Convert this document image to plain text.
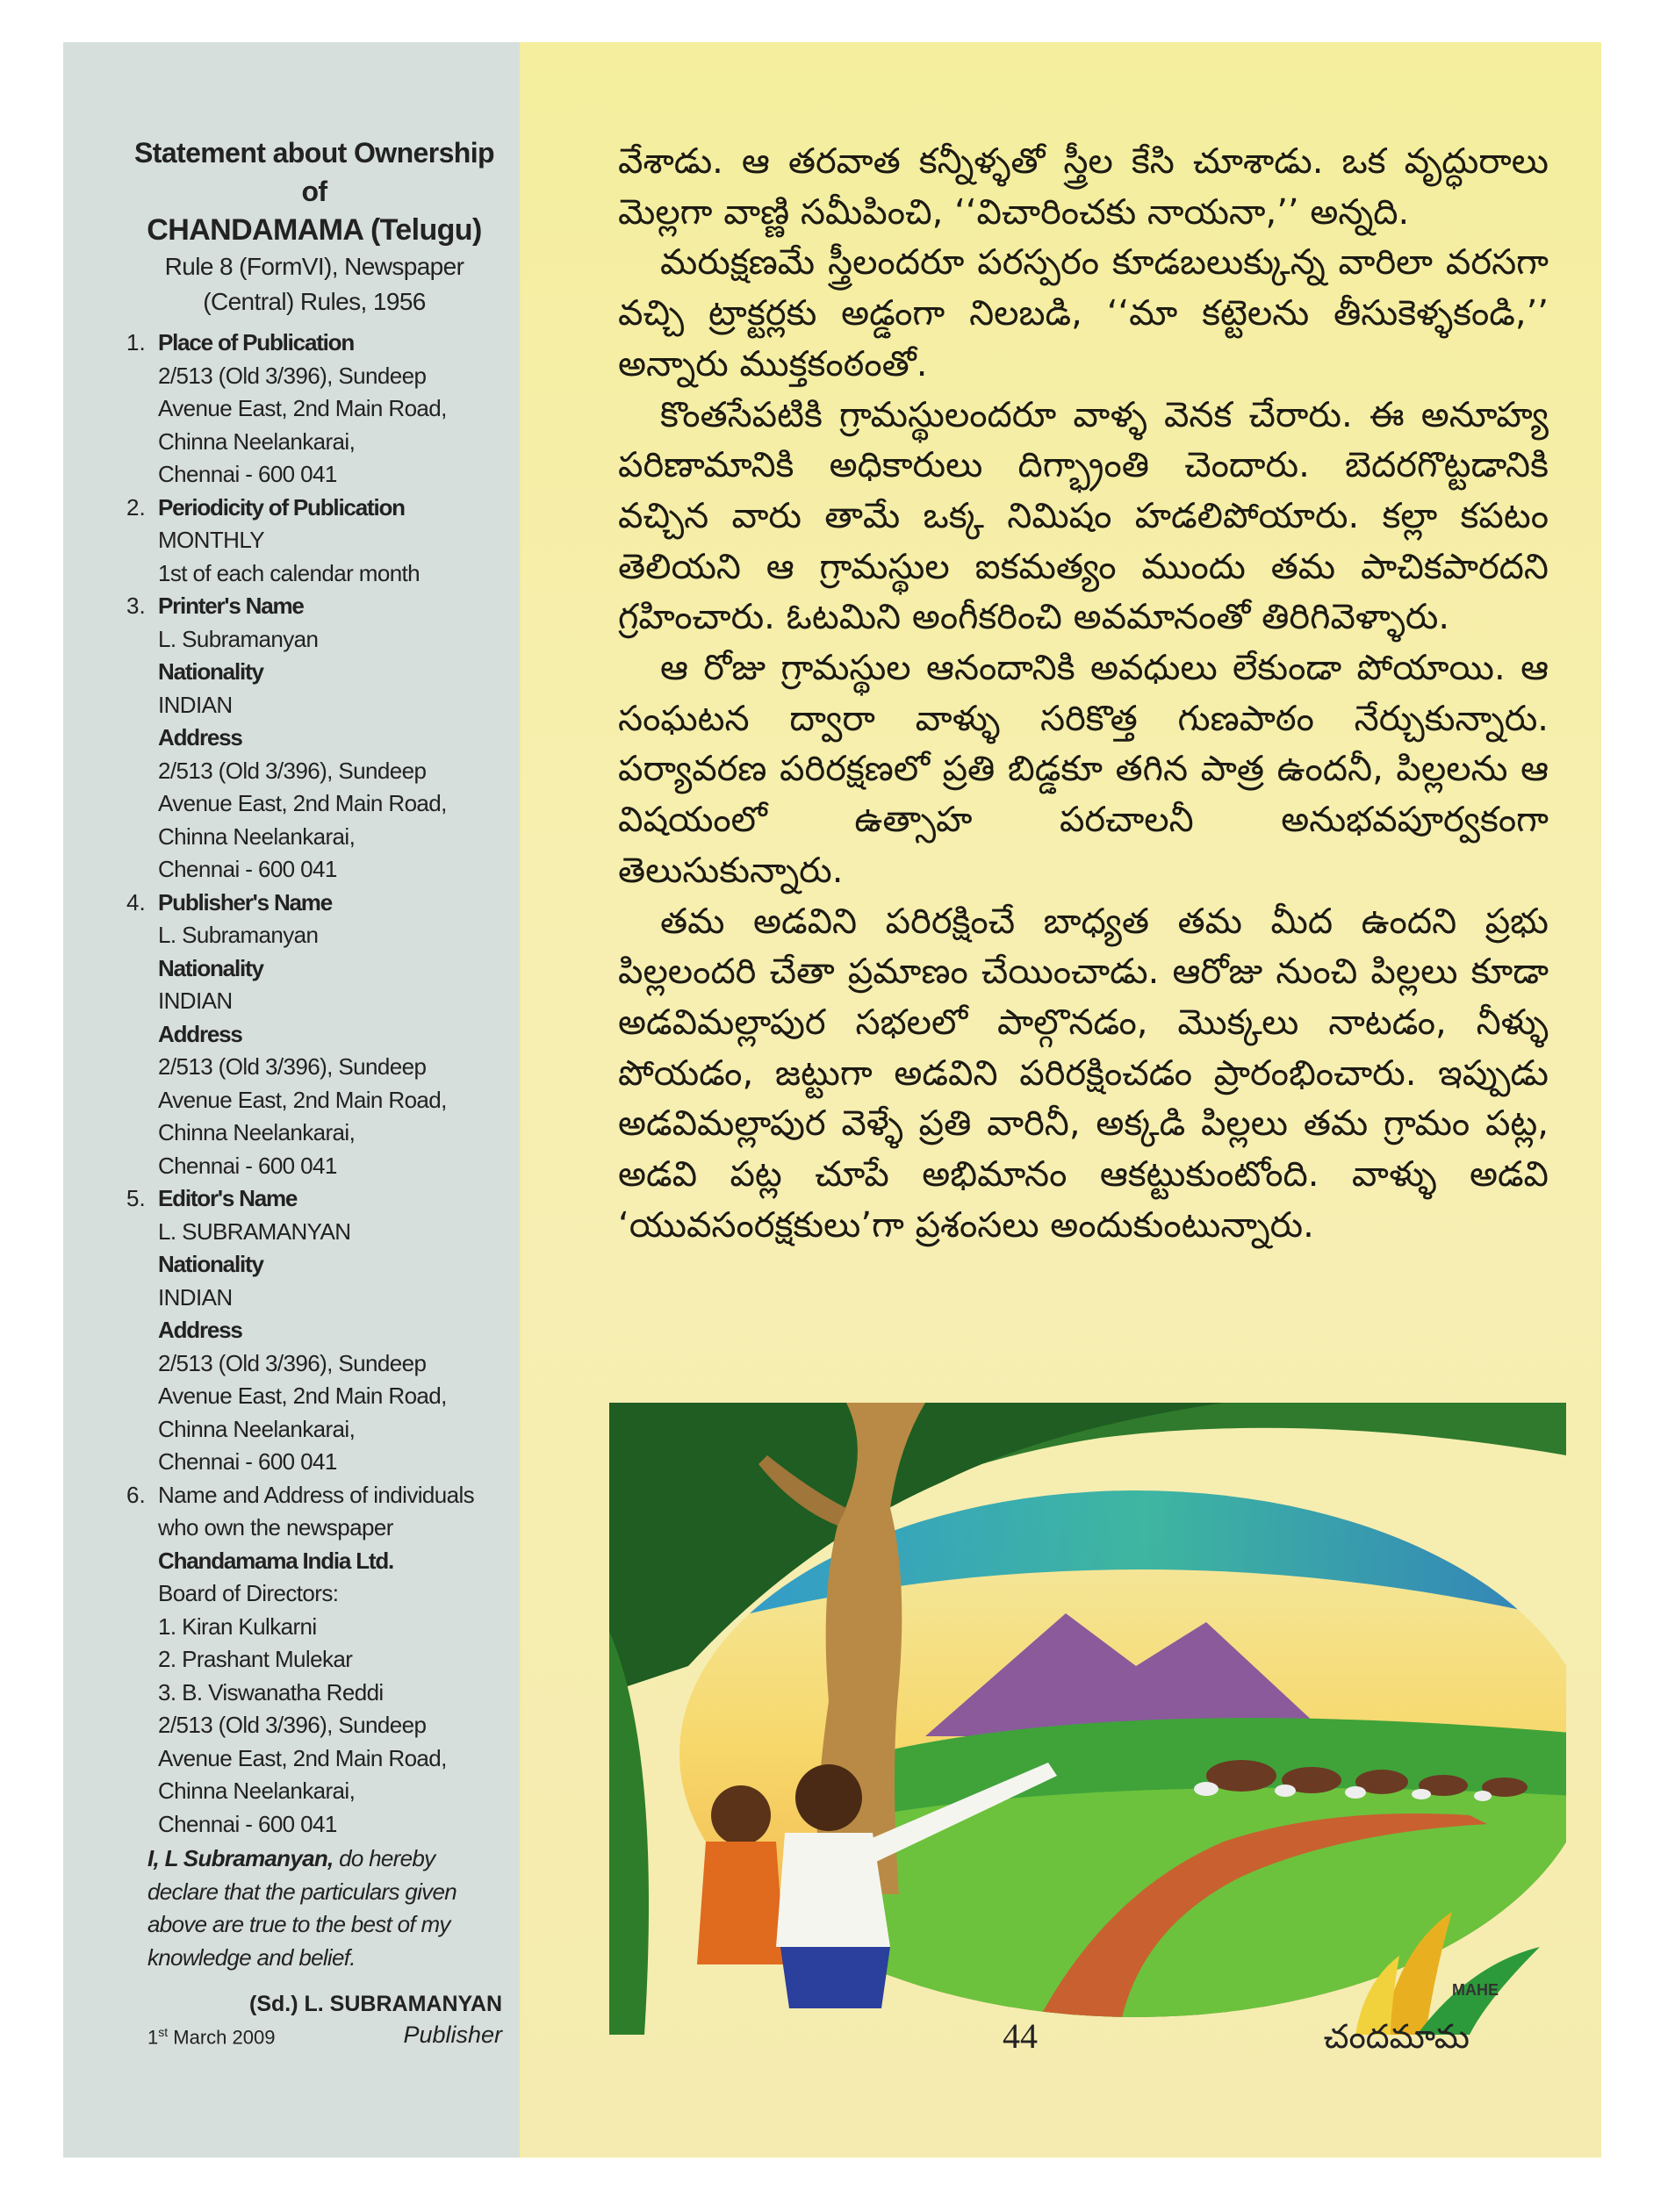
Statement about Ownership of
CHANDAMAMA (Telugu)
Rule 8 (FormVI), Newspaper
(Central) Rules, 1956
1. Place of Publication
2/513 (Old 3/396), Sundeep
Avenue East, 2nd Main Road,
Chinna Neelankarai,
Chennai - 600 041
2. Periodicity of Publication
MONTHLY
1st of each calendar month
3. Printer's Name
L. Subramanyan
Nationality
INDIAN
Address
2/513 (Old 3/396), Sundeep
Avenue East, 2nd Main Road,
Chinna Neelankarai,
Chennai - 600 041
4. Publisher's Name
L. Subramanyan
Nationality
INDIAN
Address
2/513 (Old 3/396), Sundeep
Avenue East, 2nd Main Road,
Chinna Neelankarai,
Chennai - 600 041
5. Editor's Name
L. SUBRAMANYAN
Nationality
INDIAN
Address
2/513 (Old 3/396), Sundeep
Avenue East, 2nd Main Road,
Chinna Neelankarai,
Chennai - 600 041
6. Name and Address of individuals
who own the newspaper
Chandamama India Ltd.
Board of Directors:
1. Kiran Kulkarni
2. Prashant Mulekar
3. B. Viswanatha Reddi
2/513 (Old 3/396), Sundeep
Avenue East, 2nd Main Road,
Chinna Neelankarai,
Chennai - 600 041
I, L Subramanyan, do hereby declare that the particulars given above are true to the best of my knowledge and belief.
(Sd.) L. SUBRAMANYAN
1st March 2009	Publisher

వేశాడు. ఆ తరవాత కన్నీళ్ళతో స్త్రీల కేసి చూశాడు. ఒక వృద్ధురాలు మెల్లగా వాణ్ణి సమీపించి, ‘‘విచారించకు నాయనా,’’ అన్నది.

మరుక్షణమే స్త్రీలందరూ పరస్పరం కూడబలుక్కున్న వారిలా వరసగా వచ్చి ట్రాక్టర్లకు అడ్డంగా నిలబడి, ‘‘మా కట్టెలను తీసుకెళ్ళకండి,’’ అన్నారు ముక్తకంఠంతో.

కొంతసేపటికి గ్రామస్థులందరూ వాళ్ళ వెనక చేరారు. ఈ అనూహ్య పరిణామానికి అధికారులు దిగ్భ్రాంతి చెందారు. బెదరగొట్టడానికి వచ్చిన వారు తామే ఒక్క నిమిషం హడలిపోయారు. కల్లా కపటం తెలియని ఆ గ్రామస్థుల ఐకమత్యం ముందు తమ పాచికపారదని గ్రహించారు. ఓటమిని అంగీకరించి అవమానంతో తిరిగివెళ్ళారు.

ఆ రోజు గ్రామస్థుల ఆనందానికి అవధులు లేకుండా పోయాయి. ఆ సంఘటన ద్వారా వాళ్ళు సరికొత్త గుణపాఠం నేర్చుకున్నారు. పర్యావరణ పరిరక్షణలో ప్రతి బిడ్డకూ తగిన పాత్ర ఉందనీ, పిల్లలను ఆ విషయంలో ఉత్సాహ పరచాలనీ అనుభవపూర్వకంగా తెలుసుకున్నారు.

తమ అడవిని పరిరక్షించే బాధ్యత తమ మీద ఉందని ప్రభు పిల్లలందరి చేతా ప్రమాణం చేయించాడు. ఆరోజు నుంచి పిల్లలు కూడా అడవిమల్లాపుర సభలలో పాల్గొనడం, మొక్కలు నాటడం, నీళ్ళు పోయడం, జట్టుగా అడవిని పరిరక్షించడం ప్రారంభించారు. ఇప్పుడు అడవిమల్లాపుర వెళ్ళే ప్రతి వారినీ, అక్కడి పిల్లలు తమ గ్రామం పట్ల, అడవి పట్ల చూపే అభిమానం ఆకట్టుకుంటోంది. వాళ్ళు అడవి ‘యువసంరక్షకులు’గా ప్రశంసలు అందుకుంటున్నారు.

MAHE
44	చందమామ
